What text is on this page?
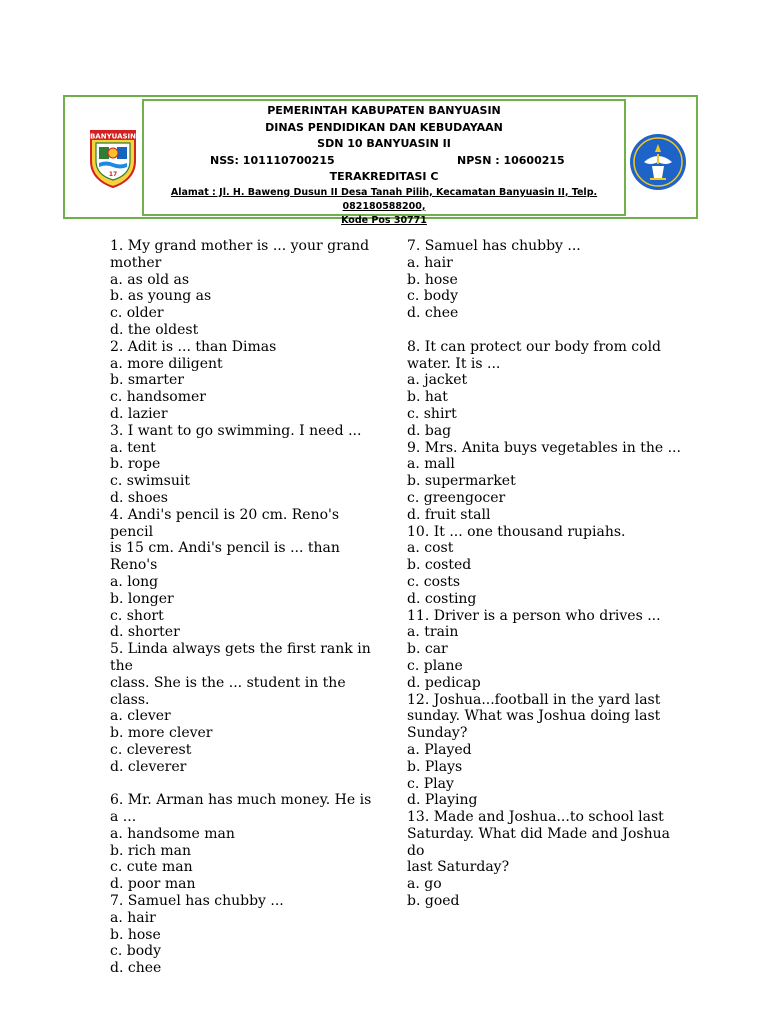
BANYUASIN
17
PEMERINTAH KABUPATEN BANYUASIN
DINAS PENDIDIKAN DAN KEBUDAYAAN
SDN 10 BANYUASIN II
NSS: 101110700215	NPSN : 10600215
TERAKREDITASI C
Alamat : Jl. H. Baweng Dusun II Desa Tanah Pilih, Kecamatan Banyuasin II, Telp. 082180588200,
Kode Pos 30771
1. My grand mother is ... your grand
mother
a. as old as
b. as young as
c. older
d. the oldest
2. Adit is ... than Dimas
a. more diligent
b. smarter
c. handsomer
d. lazier
3. I want to go swimming. I need ...
a. tent
b. rope
c. swimsuit
d. shoes
4. Andi's pencil is 20 cm. Reno's pencil
is 15 cm. Andi's pencil is ... than Reno's
a. long
b. longer
c. short
d. shorter
5. Linda always gets the first rank in the
class. She is the ... student in the class.
a. clever
b. more clever
c. cleverest
d. cleverer
6. Mr. Arman has much money. He is
a ...
a. handsome man
b. rich man
c. cute man
d. poor man
7. Samuel has chubby ...
a. hair
b. hose
c. body
d. chee
7. Samuel has chubby ...
a. hair
b. hose
c. body
d. chee
8. It can protect our body from cold
water. It is ...
a. jacket
b. hat
c. shirt
d. bag
9. Mrs. Anita buys vegetables in the ...
a. mall
b. supermarket
c. greengocer
d. fruit stall
10. It ... one thousand rupiahs.
a. cost
b. costed
c. costs
d. costing
11. Driver is a person who drives ...
a. train
b. car
c. plane
d. pedicap
12. Joshua...football in the yard last
sunday. What was Joshua doing last
Sunday?
a. Played
b. Plays
c. Play
d. Playing
13. Made and Joshua...to school last
Saturday. What did Made and Joshua do
last Saturday?
a. go
b. goed
